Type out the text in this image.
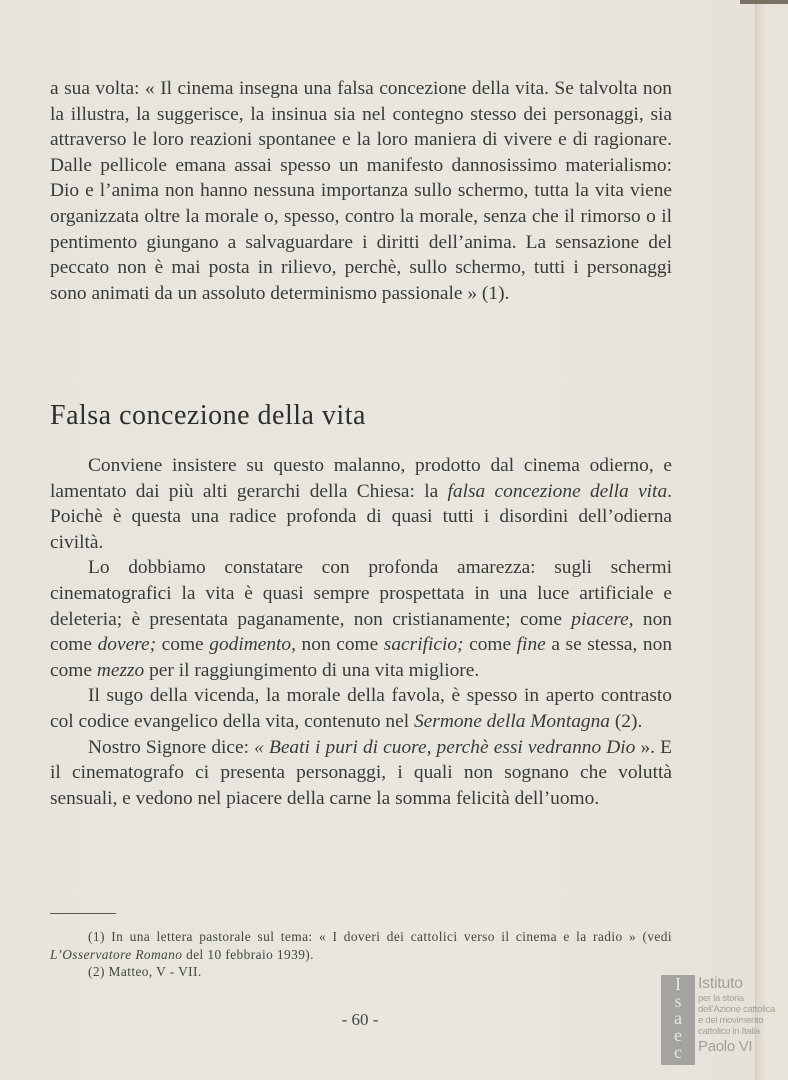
a sua volta: « Il cinema insegna una falsa concezione della vita. Se talvolta non la illustra, la suggerisce, la insinua sia nel contegno stesso dei personaggi, sia attraverso le loro reazioni spontanee e la loro maniera di vivere e di ragionare. Dalle pellicole emana assai spesso un manifesto dannosissimo materialismo: Dio e l’anima non hanno nessuna importanza sullo schermo, tutta la vita viene organizzata oltre la morale o, spesso, contro la morale, senza che il rimorso o il pentimento giungano a salvaguardare i diritti dell’anima. La sensazione del peccato non è mai posta in rilievo, perchè, sullo schermo, tutti i personaggi sono animati da un assoluto determinismo passionale » (1).

Falsa concezione della vita

Conviene insistere su questo malanno, prodotto dal cinema odierno, e lamentato dai più alti gerarchi della Chiesa: la falsa concezione della vita. Poichè è questa una radice profonda di quasi tutti i disordini dell’odierna civiltà.

Lo dobbiamo constatare con profonda amarezza: sugli schermi cinematografici la vita è quasi sempre prospettata in una luce artificiale e deleteria; è presentata paganamente, non cristianamente; come piacere, non come dovere; come godimento, non come sacrificio; come fine a se stessa, non come mezzo per il raggiungimento di una vita migliore.

Il sugo della vicenda, la morale della favola, è spesso in aperto contrasto col codice evangelico della vita, contenuto nel Sermone della Montagna (2).

Nostro Signore dice: « Beati i puri di cuore, perchè essi vedranno Dio ». E il cinematografo ci presenta personaggi, i quali non sognano che voluttà sensuali, e vedono nel piacere della carne la somma felicità dell’uomo.

(1) In una lettera pastorale sul tema: « I doveri dei cattolici verso il cinema e la radio » (vedi L’Osservatore Romano del 10 febbraio 1939).

(2) Matteo, V - VII.

- 60 -
I
s
a
e
c
m
Istituto
per la storia
dell’Azione cattolica
e del movimento
cattolico in Italia
Paolo VI
